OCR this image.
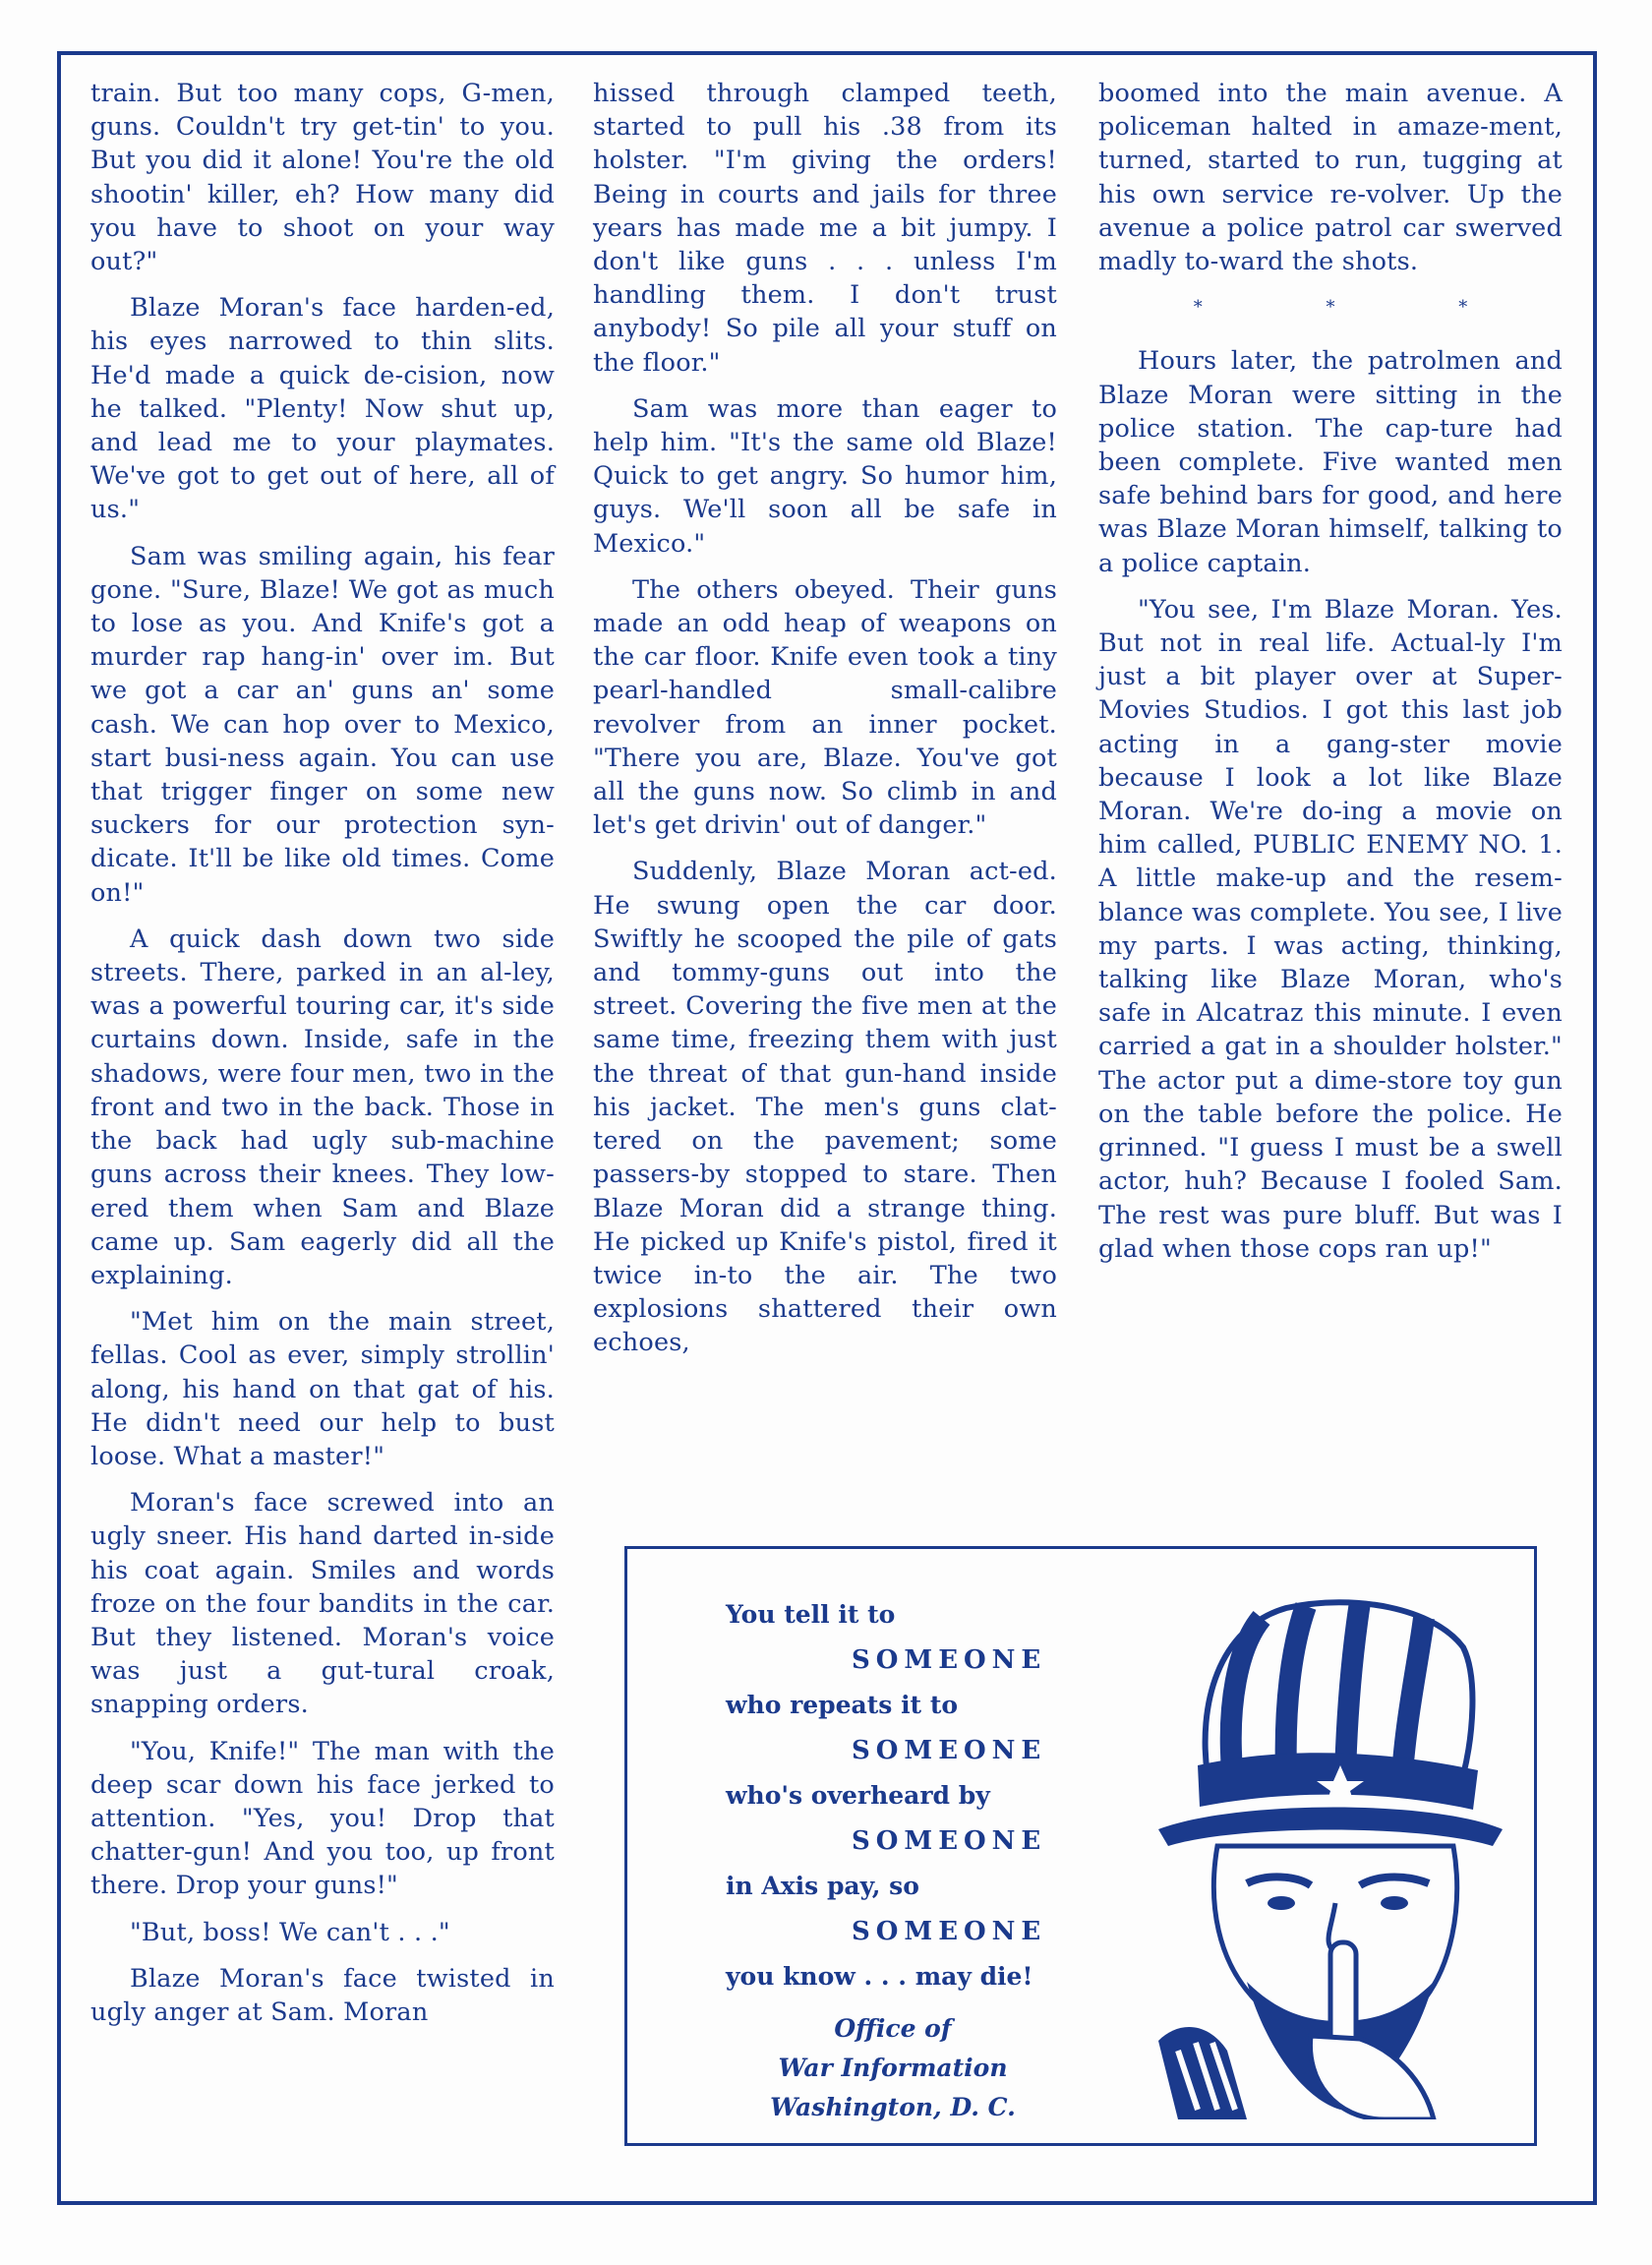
train. But too many cops, G-men, guns. Couldn't try get-tin' to you. But you did it alone! You're the old shootin' killer, eh? How many did you have to shoot on your way out?"

Blaze Moran's face harden-ed, his eyes narrowed to thin slits. He'd made a quick de-cision, now he talked. "Plenty! Now shut up, and lead me to your playmates. We've got to get out of here, all of us."

Sam was smiling again, his fear gone. "Sure, Blaze! We got as much to lose as you. And Knife's got a murder rap hang-in' over im. But we got a car an' guns an' some cash. We can hop over to Mexico, start busi-ness again. You can use that trigger finger on some new suckers for our protection syn-dicate. It'll be like old times. Come on!"

A quick dash down two side streets. There, parked in an al-ley, was a powerful touring car, it's side curtains down. Inside, safe in the shadows, were four men, two in the front and two in the back. Those in the back had ugly sub-machine guns across their knees. They low-ered them when Sam and Blaze came up. Sam eagerly did all the explaining.

"Met him on the main street, fellas. Cool as ever, simply strollin' along, his hand on that gat of his. He didn't need our help to bust loose. What a master!"

Moran's face screwed into an ugly sneer. His hand darted in-side his coat again. Smiles and words froze on the four bandits in the car. But they listened. Moran's voice was just a gut-tural croak, snapping orders.

"You, Knife!" The man with the deep scar down his face jerked to attention. "Yes, you! Drop that chatter-gun! And you too, up front there. Drop your guns!"

"But, boss! We can't . . ."

Blaze Moran's face twisted in ugly anger at Sam. Moran

hissed through clamped teeth, started to pull his .38 from its holster. "I'm giving the orders! Being in courts and jails for three years has made me a bit jumpy. I don't like guns . . . unless I'm handling them. I don't trust anybody! So pile all your stuff on the floor."

Sam was more than eager to help him. "It's the same old Blaze! Quick to get angry. So humor him, guys. We'll soon all be safe in Mexico."

The others obeyed. Their guns made an odd heap of weapons on the car floor. Knife even took a tiny pearl-handled small-calibre revolver from an inner pocket. "There you are, Blaze. You've got all the guns now. So climb in and let's get drivin' out of danger."

Suddenly, Blaze Moran act-ed. He swung open the car door. Swiftly he scooped the pile of gats and tommy-guns out into the street. Covering the five men at the same time, freezing them with just the threat of that gun-hand inside his jacket. The men's guns clat-tered on the pavement; some passers-by stopped to stare. Then Blaze Moran did a strange thing. He picked up Knife's pistol, fired it twice in-to the air. The two explosions shattered their own echoes,

boomed into the main avenue. A policeman halted in amaze-ment, turned, started to run, tugging at his own service re-volver. Up the avenue a police patrol car swerved madly to-ward the shots.

* * *

Hours later, the patrolmen and Blaze Moran were sitting in the police station. The cap-ture had been complete. Five wanted men safe behind bars for good, and here was Blaze Moran himself, talking to a police captain.

"You see, I'm Blaze Moran. Yes. But not in real life. Actual-ly I'm just a bit player over at Super-Movies Studios. I got this last job acting in a gang-ster movie because I look a lot like Blaze Moran. We're do-ing a movie on him called, PUBLIC ENEMY NO. 1. A little make-up and the resem-blance was complete. You see, I live my parts. I was acting, thinking, talking like Blaze Moran, who's safe in Alcatraz this minute. I even carried a gat in a shoulder holster." The actor put a dime-store toy gun on the table before the police. He grinned. "I guess I must be a swell actor, huh? Because I fooled Sam. The rest was pure bluff. But was I glad when those cops ran up!"

You tell it to
SOMEONE
who repeats it to
SOMEONE
who's overheard by
SOMEONE
in Axis pay, so
SOMEONE
you know . . . may die!
Office of
War Information
Washington, D. C.
